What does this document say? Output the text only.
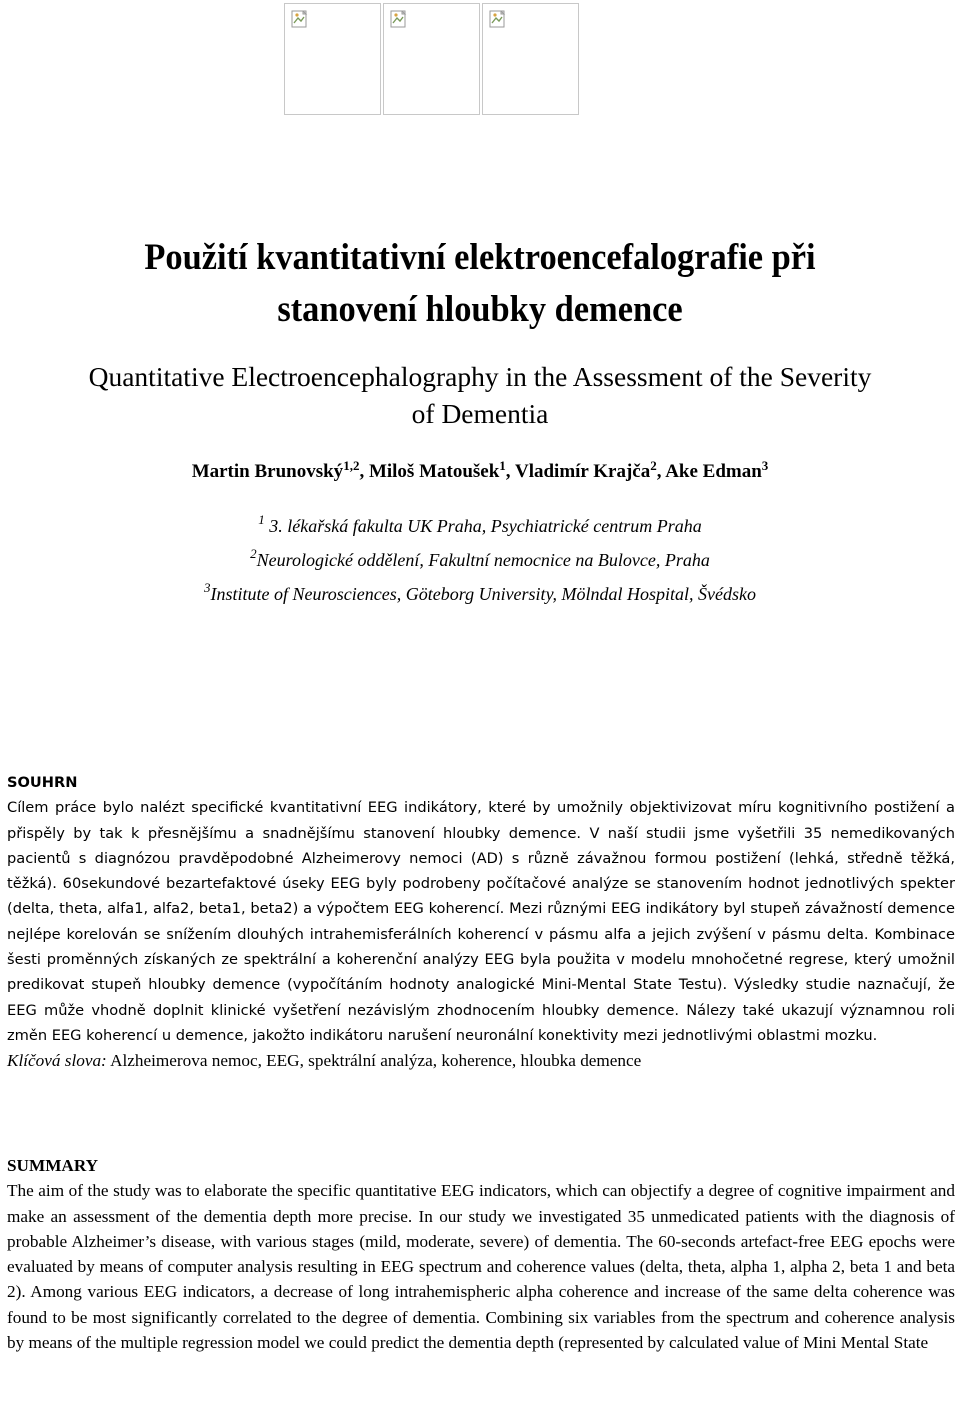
Použití kvantitativní elektroencefalografie při
stanovení hloubky demence
Quantitative Electroencephalography in the Assessment of the Severity
of Dementia
Martin Brunovský$^{1,2}$, Miloš Matoušek$^1$, Vladimír Krajča$^2$, Ake Edman$^3$
$^1$ 3. lékařská fakulta UK Praha, Psychiatrické centrum Praha
$^2$Neurologické oddělení, Fakultní nemocnice na Bulovce, Praha
$^3$Institute of Neurosciences, Göteborg University, Mölndal Hospital, Švédsko
SOUHRN
Cílem práce bylo nalézt specifické kvantitativní EEG indikátory, které by umožnily objektivizovat míru kognitivního postižení a přispěly by tak k přesnějšímu a snadnějšímu stanovení hloubky demence. V naší studii jsme vyšetřili 35 nemedikovaných pacientů s diagnózou pravděpodobné Alzheimerovy nemoci (AD) s různě závažnou formou postižení (lehká, středně těžká, těžká). 60sekundové bezartefaktové úseky EEG byly podrobeny počítačové analýze se stanovením hodnot jednotlivých spekter (delta, theta, alfa1, alfa2, beta1, beta2) a výpočtem EEG koherencí. Mezi různými EEG indikátory byl stupeň závažností demence nejlépe korelován se snížením dlouhých intrahemisferálních koherencí v pásmu alfa a jejich zvýšení v pásmu delta. Kombinace šesti proměnných získaných ze spektrální a koherenční analýzy EEG byla použita v modelu mnohočetné regrese, který umožnil predikovat stupeň hloubky demence (vypočítáním hodnoty analogické Mini-Mental State Testu). Výsledky studie naznačují, že EEG může vhodně doplnit klinické vyšetření nezávislým zhodnocením hloubky demence. Nálezy také ukazují významnou roli změn EEG koherencí u demence, jakožto indikátoru narušení neuronální konektivity mezi jednotlivými oblastmi mozku.
Klíčová slova: Alzheimerova nemoc, EEG, spektrální analýza, koherence, hloubka demence
SUMMARY
The aim of the study was to elaborate the specific quantitative EEG indicators, which can objectify a degree of cognitive impairment and make an assessment of the dementia depth more precise. In our study we investigated 35 unmedicated patients with the diagnosis of probable Alzheimer’s disease, with various stages (mild, moderate, severe) of dementia. The 60-seconds artefact-free EEG epochs were evaluated by means of computer analysis resulting in EEG spectrum and coherence values (delta, theta, alpha 1, alpha 2, beta 1 and beta 2). Among various EEG indicators, a decrease of long intrahemispheric alpha coherence and increase of the same delta coherence was found to be most significantly correlated to the degree of dementia. Combining six variables from the spectrum and coherence analysis by means of the multiple regression model we could predict the dementia depth (represented by calculated value of Mini Mental State
